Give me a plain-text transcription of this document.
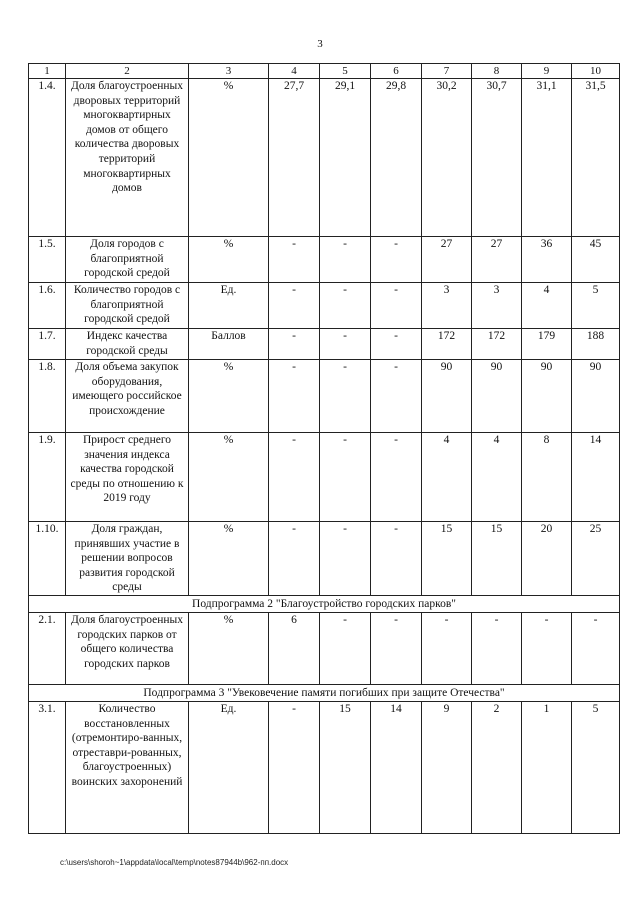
3
1	2	3	4	5	6	7	8	9	10
1.4.	Доля благоустроенных дворовых территорий многоквартирных домов от общего количества дворовых территорий многоквартирных домов	%	27,7	29,1	29,8	30,2	30,7	31,1	31,5
1.5.	Доля городов с благоприятной городской средой	%	-	-	-	27	27	36	45
1.6.	Количество городов с благоприятной городской средой	Ед.	-	-	-	3	3	4	5
1.7.	Индекс качества городской среды	Баллов	-	-	-	172	172	179	188
1.8.	Доля объема закупок оборудования, имеющего российское происхождение	%	-	-	-	90	90	90	90
1.9.	Прирост среднего значения индекса качества городской среды по отношению к 2019 году	%	-	-	-	4	4	8	14
1.10.	Доля граждан, принявших участие в решении вопросов развития городской среды	%	-	-	-	15	15	20	25
Подпрограмма 2 "Благоустройство городских парков"									
2.1.	Доля благоустроенных городских парков от общего количества городских парков	%	6	-	-	-	-	-	-
Подпрограмма 3 "Увековечение памяти погибших при защите Отечества"									
3.1.	Количество восстановленных (отремонтиро-ванных, отреставри-рованных, благоустроенных) воинских захоронений	Ед.	-	15	14	9	2	1	5
c:\users\shoroh~1\appdata\local\temp\notes87944b\962-пп.docx
